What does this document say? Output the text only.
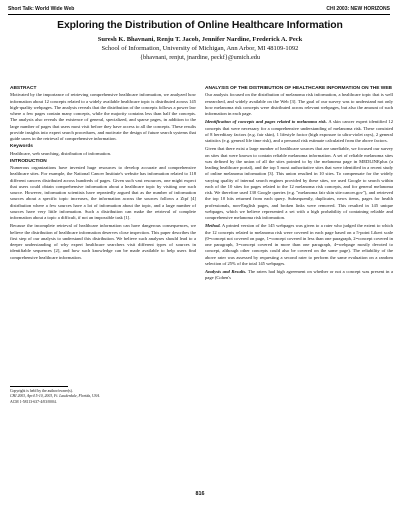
Short Talk: World Wide Web	CHI 2003: NEW HORIZONS
Exploring the Distribution of Online Healthcare Information
Suresh K. Bhavnani, Renju T. Jacob, Jennifer Nardine, Frederick A. Peck
School of Information, University of Michigan, Ann Arbor, MI 48109-1092
{bhavnani, renjut, jnardine, peckf}@umich.edu

ABSTRACT

Motivated by the importance of retrieving comprehensive healthcare information, we analyzed how information about 12 concepts related to a widely available healthcare topic is distributed across 145 high-quality webpages. The analysis reveals that the distribution of the concepts follows a power law where a few pages contain many concepts, while the majority contains less than half the concepts. The analysis also reveals the existence of general, specialized, and sparse pages, in addition to the large number of pages that users most visit before they have access to all the concepts. These results provide insights into expert search procedures, and motivate the design of future search systems that guide users in the retrieval of comprehensive information.

Keywords

Healthcare, web searching, distribution of information.

INTRODUCTION

Numerous organizations have invested huge resources to develop accurate and comprehensive healthcare sites. For example, the National Cancer Institute's website has information related to 118 different cancers distributed across hundreds of pages. Given such vast resources, one might expect that users could obtain comprehensive information about a healthcare topic by visiting one such source. However, information scientists have repeatedly argued that as the number of information sources about a specific topic increases, the information across the sources follows a Zipf [4] distribution where a few sources have a lot of information about the topic, and a large number of sources have very little information. Such a distribution can make the retrieval of complete information about a topic a difficult, if not an impossible task [1].

Because the incomplete retrieval of healthcare information can have dangerous consequences, we believe the distribution of healthcare information deserves close inspection. This paper describes the first step of our analysis to understand this distribution. We believe such analyses should lead to a deeper understanding of why expert healthcare searchers visit different types of sources in identifiable sequences [2], and how such knowledge can be made available to help users find comprehensive healthcare information.

Copyright is held by the author/owner(s).
CHI 2003, April 5-10, 2003, Ft. Lauderdale, Florida, USA.
ACM 1-58113-637-4/03/0004.

ANALYSIS OF THE DISTRIBUTION OF HEALTHCARE INFORMATION ON THE WEB

Our analysis focused on the distribution of melanoma risk information, a healthcare topic that is well researched, and widely available on the Web [3]. The goal of our survey was to understand not only how melanoma risk concepts were distributed across relevant webpages, but also the amount of such information in each page.

Identification of concepts and pages related to melanoma risk. A skin cancer expert identified 12 concepts that were necessary for a comprehensive understanding of melanoma risk. These consisted of 8 hereditary factors (e.g. fair skin), 1 lifestyle factor (high exposure to ultra-violet rays), 2 general statistics (e.g. general life time risk), and a personal risk estimate calculated from the above factors.

Given that there exist a large number of healthcare sources that are unreliable, we focused our survey on sites that were known to contain reliable melanoma information. A set of reliable melanoma sites was defined by the union of all the sites pointed to by the melanoma page in MEDLINEplus (a leading healthcare portal), and the top 5 most authoritative sites that were identified in a recent study of online melanoma information [3]. This union resulted in 10 sites. To compensate for the widely varying quality of internal search engines provided by these sites, we used Google to search within each of the 10 sites for pages related to the 12 melanoma risk concepts, and for general melanoma risk. We therefore used 130 Google queries (e.g. "melanoma fair skin site:cancer.gov"), and retrieved the top 10 hits returned from each query. Subsequently, duplicates, news items, pages for health professionals, non-English pages, and broken links were removed. This resulted in 145 unique webpages, which we believe represented a set with a high probability of containing reliable and comprehensive melanoma risk information.

Method. A printed version of the 145 webpages was given to a rater who judged the extent to which the 12 concepts related to melanoma risk were covered in each page based on a 5-point Likert scale (0=concept not covered on page, 1=concept covered in less than one paragraph, 2=concept covered in one paragraph, 3=concept covered in more than one paragraph, 4=webpage mostly devoted to concept, although other concepts could also be covered on the same page). The reliability of the above rater was assessed by requesting a second rater to perform the same evaluation on a random selection of 25% of the total 145 webpages.

Analysis and Results. The raters had high agreement on whether or not a concept was present in a page (Cohen's

816
